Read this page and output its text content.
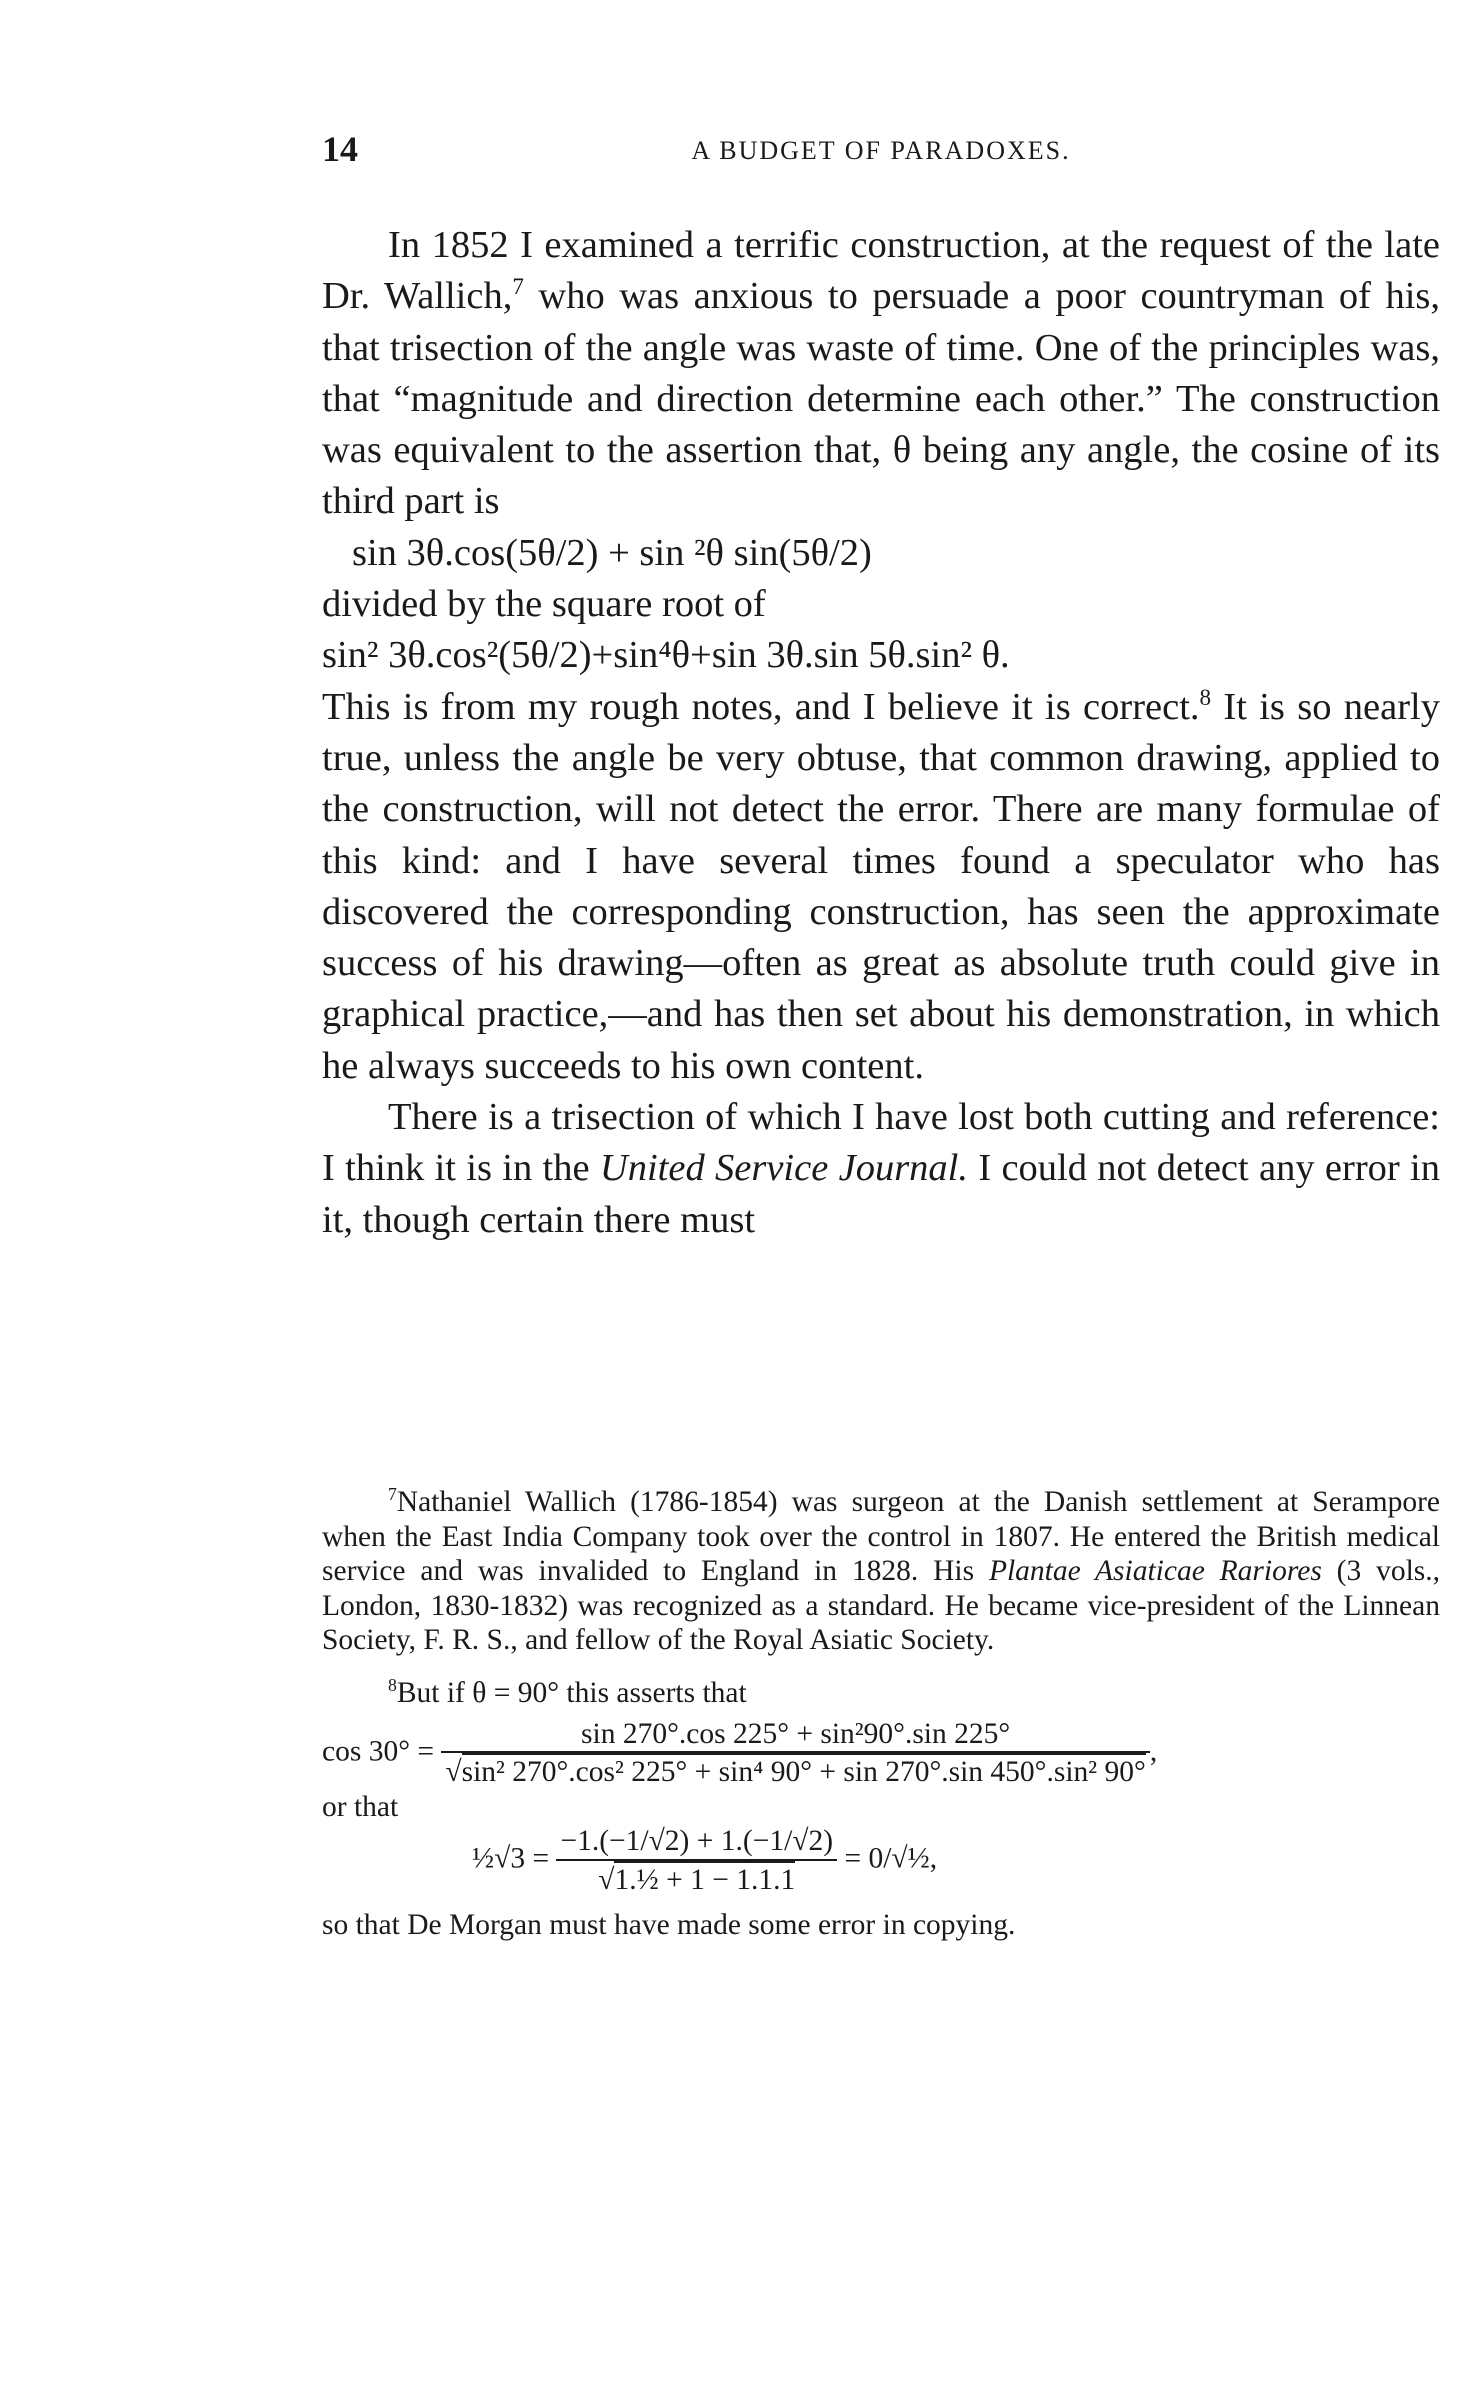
14	A BUDGET OF PARADOXES.

In 1852 I examined a terrific construction, at the request of the late Dr. Wallich,$^7$ who was anxious to persuade a poor countryman of his, that trisection of the angle was waste of time. One of the principles was, that “magnitude and direction determine each other.” The construction was equivalent to the assertion that, θ being any angle, the cosine of its third part is

sin 3θ.cos(5θ/2) + sin ²θ sin(5θ/2)

divided by the square root of

sin² 3θ.cos²(5θ/2)+sin⁴θ+sin 3θ.sin 5θ.sin² θ.

This is from my rough notes, and I believe it is correct.$^8$ It is so nearly true, unless the angle be very obtuse, that common drawing, applied to the construction, will not detect the error. There are many formulae of this kind: and I have several times found a speculator who has discovered the corresponding construction, has seen the approximate success of his drawing—often as great as absolute truth could give in graphical practice,—and has then set about his demonstration, in which he always succeeds to his own content.

There is a trisection of which I have lost both cutting and reference: I think it is in the United Service Journal. I could not detect any error in it, though certain there must

$^7$Nathaniel Wallich (1786-1854) was surgeon at the Danish settlement at Serampore when the East India Company took over the control in 1807. He entered the British medical service and was invalided to England in 1828. His Plantae Asiaticae Rariores (3 vols., London, 1830-1832) was recognized as a standard. He became vice-president of the Linnean Society, F. R. S., and fellow of the Royal Asiatic Society.

$^8$But if θ = 90° this asserts that

$\cos 30^\circ = \frac{\text{sin 270°.cos 225° + sin²90°.sin 225°}}{\text{√sin² 270°.cos² 225° + sin⁴ 90° + sin 270°.sin 450°.sin² 90°}}$ ,
or that
½√3 = $\frac{-1.(-1/√2) + 1.(-1/√2)}{\text{√1.½ + 1 − 1.1.1}}$ = 0/√½,

so that De Morgan must have made some error in copying.
